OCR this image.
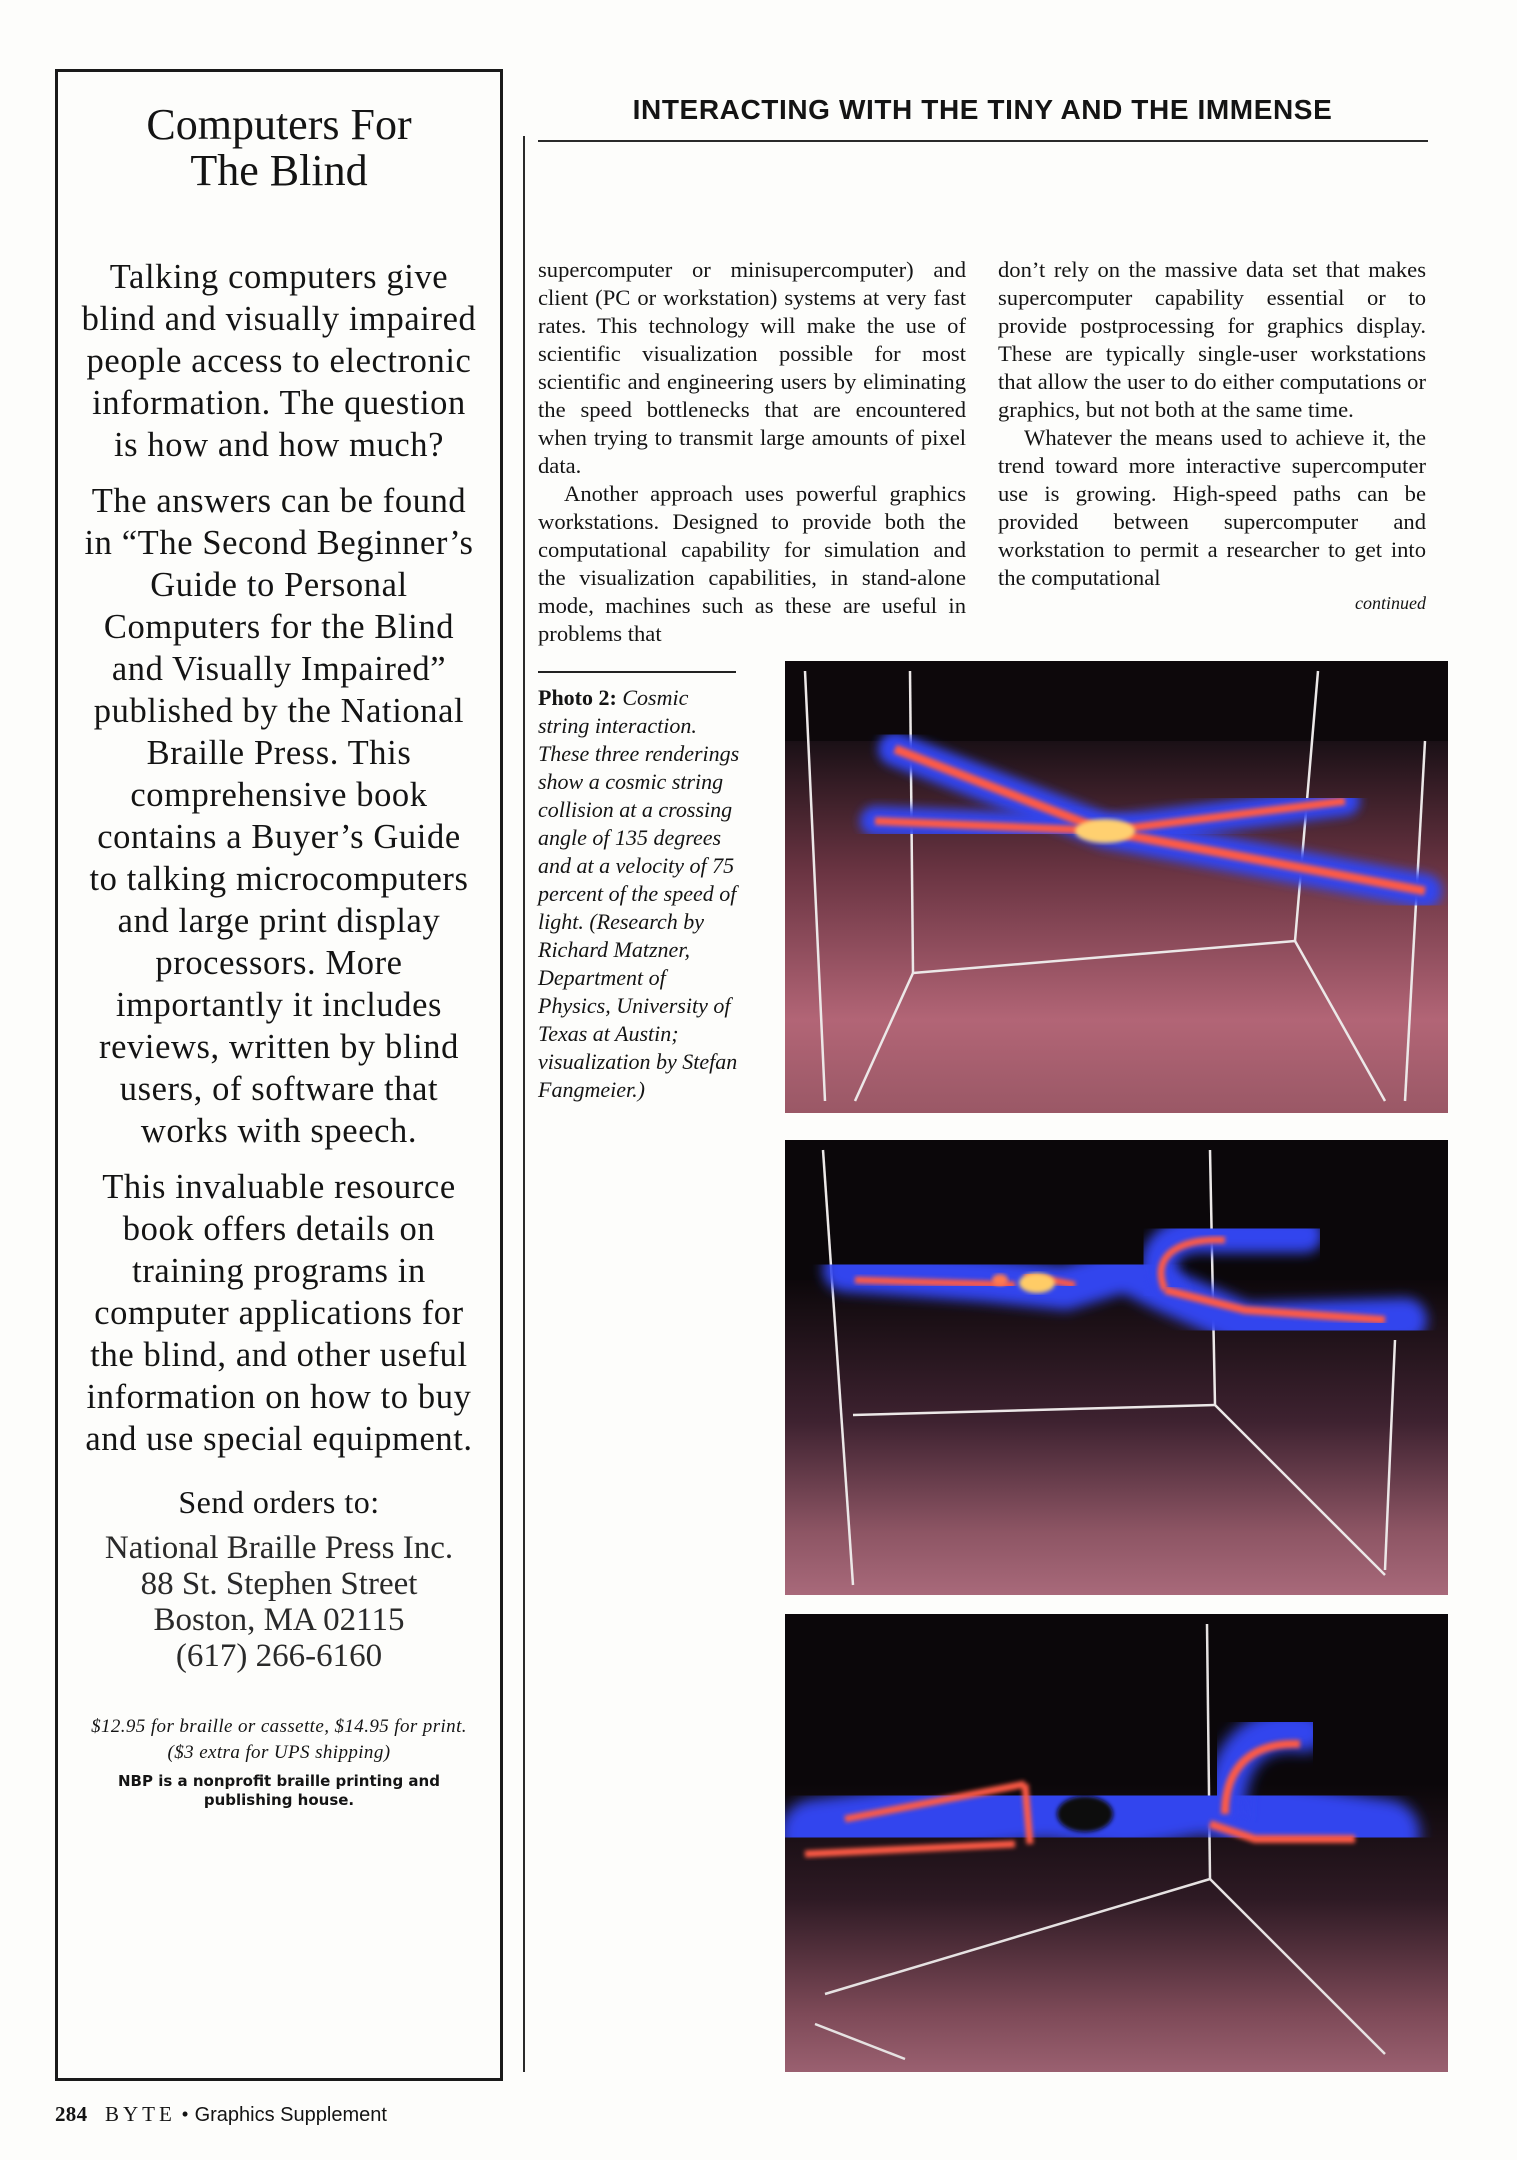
Computers For
The Blind

Talking computers give blind and visually impaired people access to electronic information. The question is how and how much?

The answers can be found in “The Second Beginner’s Guide to Personal Computers for the Blind and Visually Impaired” published by the National Braille Press. This comprehensive book contains a Buyer’s Guide to talking microcomputers and large print display processors. More importantly it includes reviews, written by blind users, of software that works with speech.

This invaluable resource book offers details on training programs in computer applications for the blind, and other useful information on how to buy and use special equipment.

Send orders to:
National Braille Press Inc.
88 St. Stephen Street
Boston, MA 02115
(617) 266-6160
$12.95 for braille or cassette, $14.95 for print. ($3 extra for UPS shipping)
NBP is a nonprofit braille printing and publishing house.
INTERACTING WITH THE TINY AND THE IMMENSE

supercomputer or minisupercomputer) and client (PC or workstation) systems at very fast rates. This technology will make the use of scientific visualization possible for most scientific and engineering users by eliminating the speed bottlenecks that are encountered when trying to transmit large amounts of pixel data.

Another approach uses powerful graphics workstations. Designed to provide both the computational capability for simulation and the visualization capabilities, in stand-alone mode, machines such as these are useful in problems that

don’t rely on the massive data set that makes supercomputer capability essential or to provide postprocessing for graphics display. These are typically single-user workstations that allow the user to do either computations or graphics, but not both at the same time.

Whatever the means used to achieve it, the trend toward more interactive supercomputer use is growing. High-speed paths can be provided between supercomputer and workstation to permit a researcher to get into the computational

continued
Photo 2: Cosmic string interaction. These three renderings show a cosmic string collision at a crossing angle of 135 degrees and at a velocity of 75 percent of the speed of light. (Research by Richard Matzner, Department of Physics, University of Texas at Austin; visualization by Stefan Fangmeier.)
284 BYTE • Graphics Supplement
